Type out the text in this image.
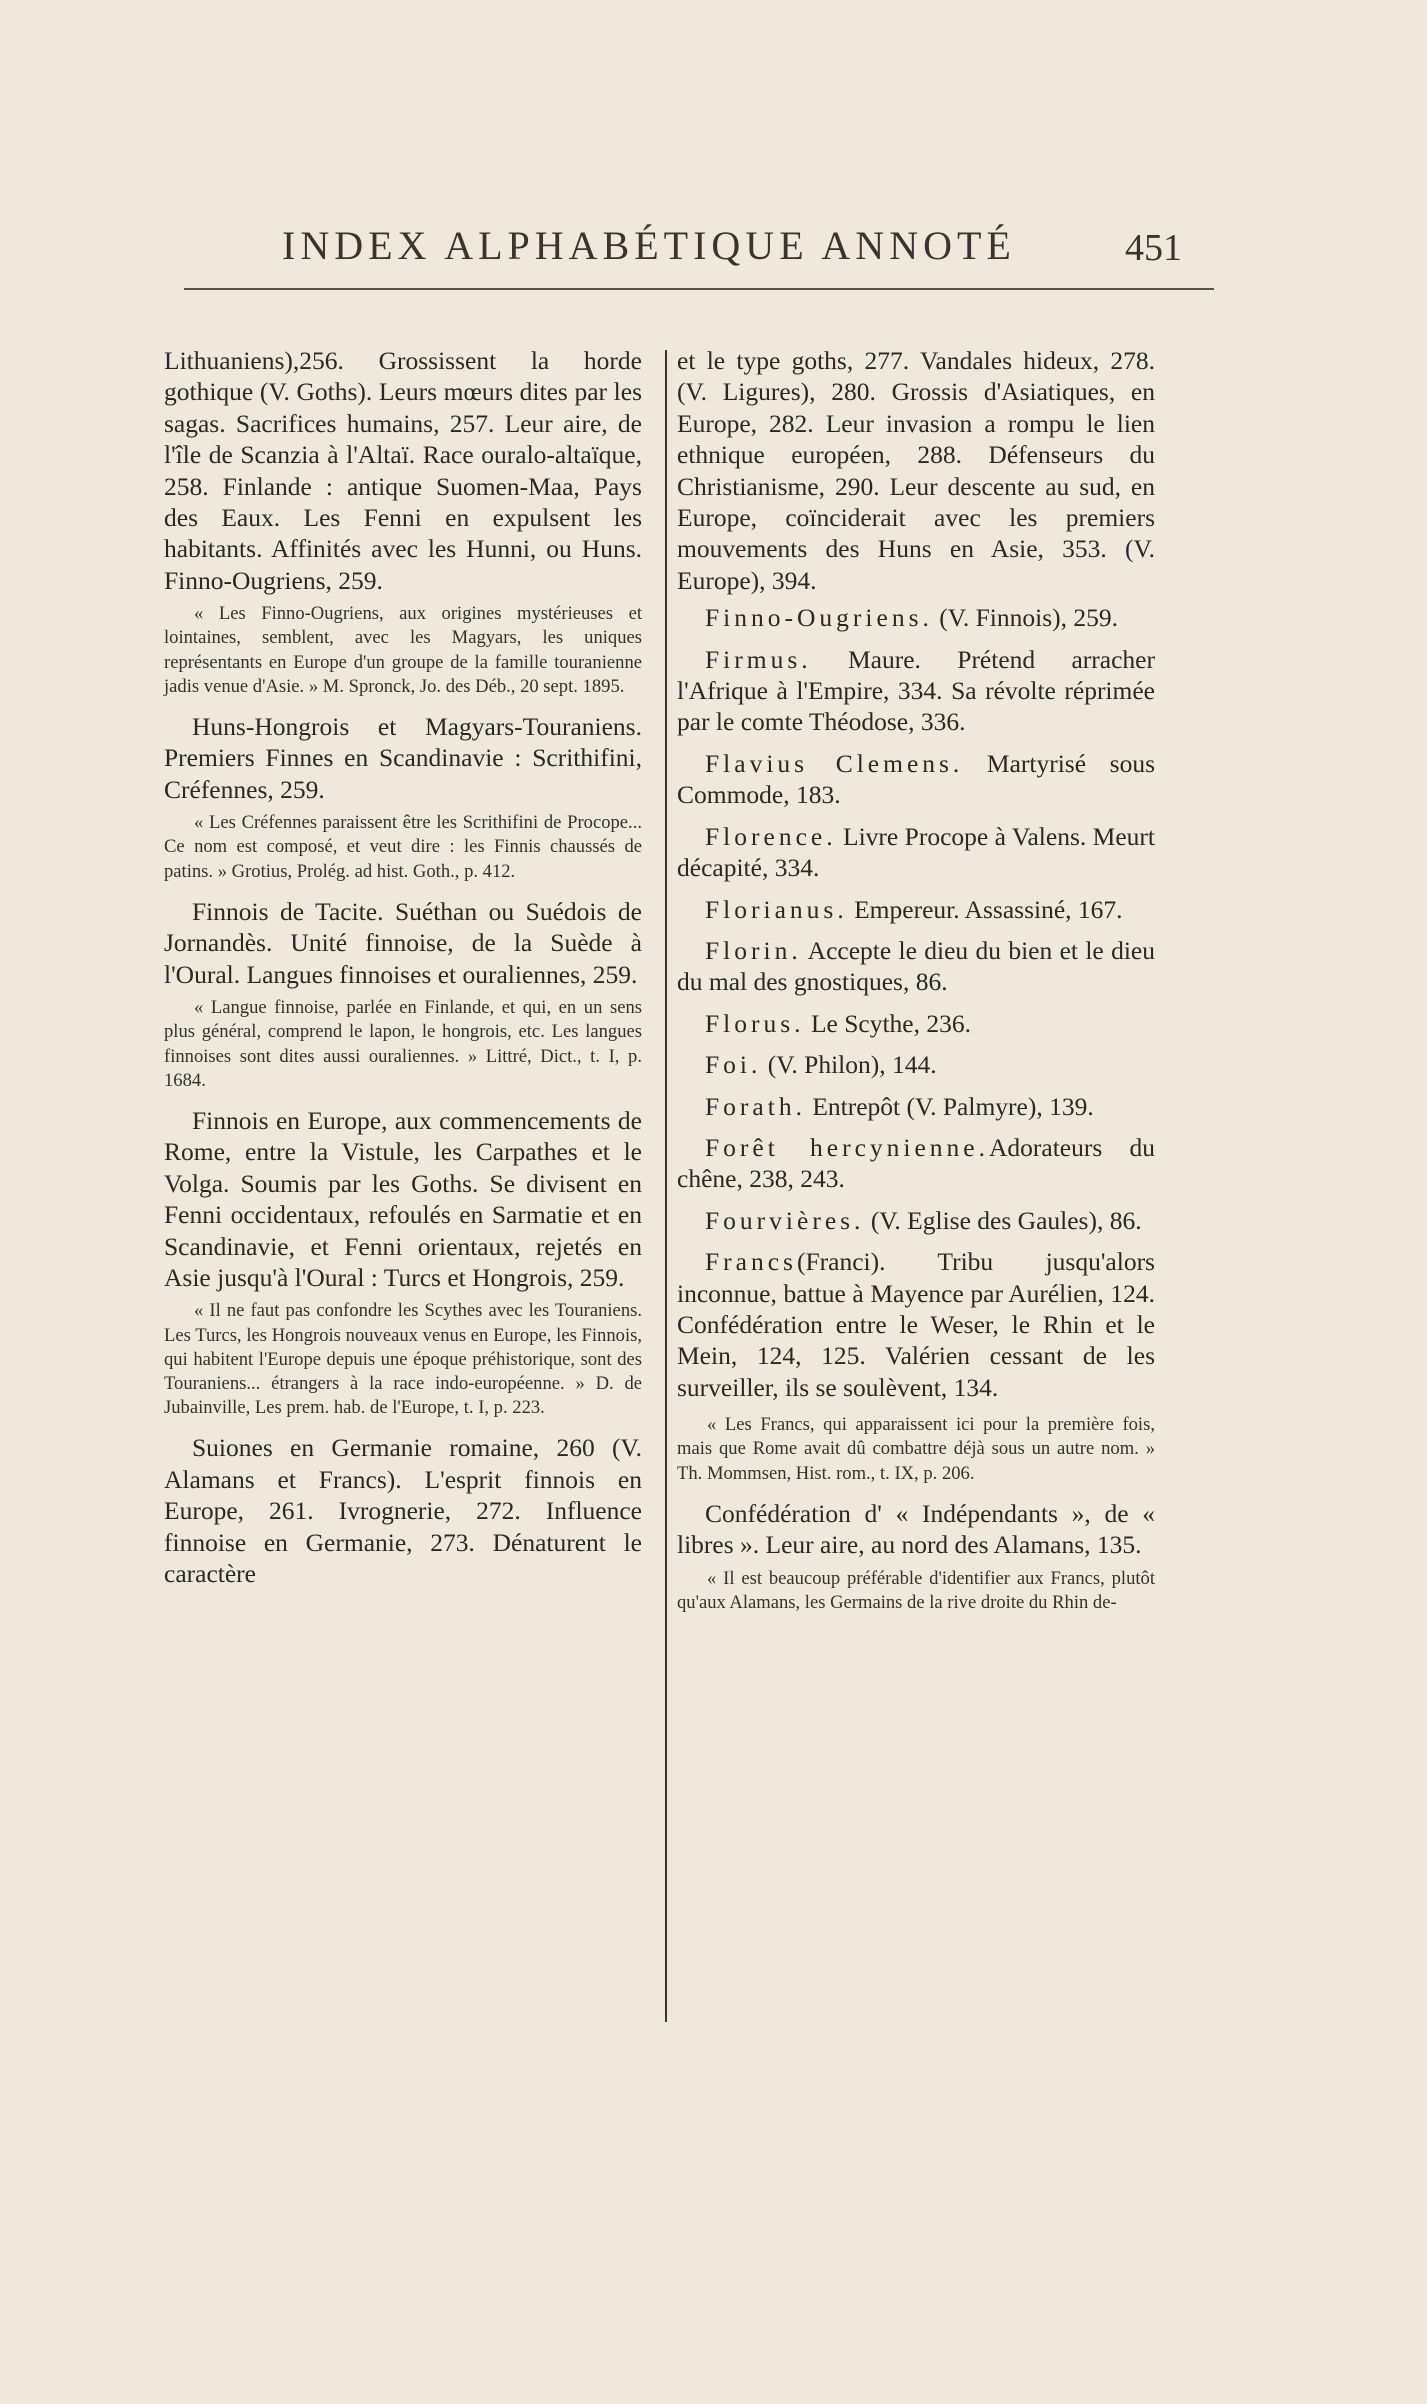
INDEX ALPHABÉTIQUE ANNOTÉ	451

Lithuaniens),256. Grossissent la horde gothique (V. Goths). Leurs mœurs dites par les sagas. Sacrifices humains, 257. Leur aire, de l'île de Scanzia à l'Altaï. Race ouralo-altaïque, 258. Finlande : antique Suomen-Maa, Pays des Eaux. Les Fenni en expulsent les habitants. Affinités avec les Hunni, ou Huns. Finno-Ougriens, 259.

« Les Finno-Ougriens, aux origines mystérieuses et lointaines, semblent, avec les Magyars, les uniques représentants en Europe d'un groupe de la famille touranienne jadis venue d'Asie. » M. Spronck, Jo. des Déb., 20 sept. 1895.

Huns-Hongrois et Magyars-Touraniens. Premiers Finnes en Scandinavie : Scrithifini, Créfennes, 259.

« Les Créfennes paraissent être les Scrithifini de Procope... Ce nom est composé, et veut dire : les Finnis chaussés de patins. » Grotius, Prolég. ad hist. Goth., p. 412.

Finnois de Tacite. Suéthan ou Suédois de Jornandès. Unité finnoise, de la Suède à l'Oural. Langues finnoises et ouraliennes, 259.

« Langue finnoise, parlée en Finlande, et qui, en un sens plus général, comprend le lapon, le hongrois, etc. Les langues finnoises sont dites aussi ouraliennes. » Littré, Dict., t. I, p. 1684.

Finnois en Europe, aux commencements de Rome, entre la Vistule, les Carpathes et le Volga. Soumis par les Goths. Se divisent en Fenni occidentaux, refoulés en Sarmatie et en Scandinavie, et Fenni orientaux, rejetés en Asie jusqu'à l'Oural : Turcs et Hongrois, 259.

« Il ne faut pas confondre les Scythes avec les Touraniens. Les Turcs, les Hongrois nouveaux venus en Europe, les Finnois, qui habitent l'Europe depuis une époque préhistorique, sont des Touraniens... étrangers à la race indo-européenne. » D. de Jubainville, Les prem. hab. de l'Europe, t. I, p. 223.

Suiones en Germanie romaine, 260 (V. Alamans et Francs). L'esprit finnois en Europe, 261. Ivrognerie, 272. Influence finnoise en Germanie, 273. Dénaturent le caractère

et le type goths, 277. Vandales hideux, 278. (V. Ligures), 280. Grossis d'Asiatiques, en Europe, 282. Leur invasion a rompu le lien ethnique européen, 288. Défenseurs du Christianisme, 290. Leur descente au sud, en Europe, coïnciderait avec les premiers mouvements des Huns en Asie, 353. (V. Europe), 394.

Finno-Ougriens. (V. Finnois), 259.

Firmus. Maure. Prétend arracher l'Afrique à l'Empire, 334. Sa révolte réprimée par le comte Théodose, 336.

Flavius Clemens. Martyrisé sous Commode, 183.

Florence. Livre Procope à Valens. Meurt décapité, 334.

Florianus. Empereur. Assassiné, 167.

Florin. Accepte le dieu du bien et le dieu du mal des gnostiques, 86.

Florus. Le Scythe, 236.

Foi. (V. Philon), 144.

Forath. Entrepôt (V. Palmyre), 139.

Forêt hercynienne.Adorateurs du chêne, 238, 243.

Fourvières. (V. Eglise des Gaules), 86.

Francs(Franci). Tribu jusqu'alors inconnue, battue à Mayence par Aurélien, 124. Confédération entre le Weser, le Rhin et le Mein, 124, 125. Valérien cessant de les surveiller, ils se soulèvent, 134.

« Les Francs, qui apparaissent ici pour la première fois, mais que Rome avait dû combattre déjà sous un autre nom. » Th. Mommsen, Hist. rom., t. IX, p. 206.

Confédération d' « Indépendants », de « libres ». Leur aire, au nord des Alamans, 135.

« Il est beaucoup préférable d'identifier aux Francs, plutôt qu'aux Alamans, les Germains de la rive droite du Rhin de-
